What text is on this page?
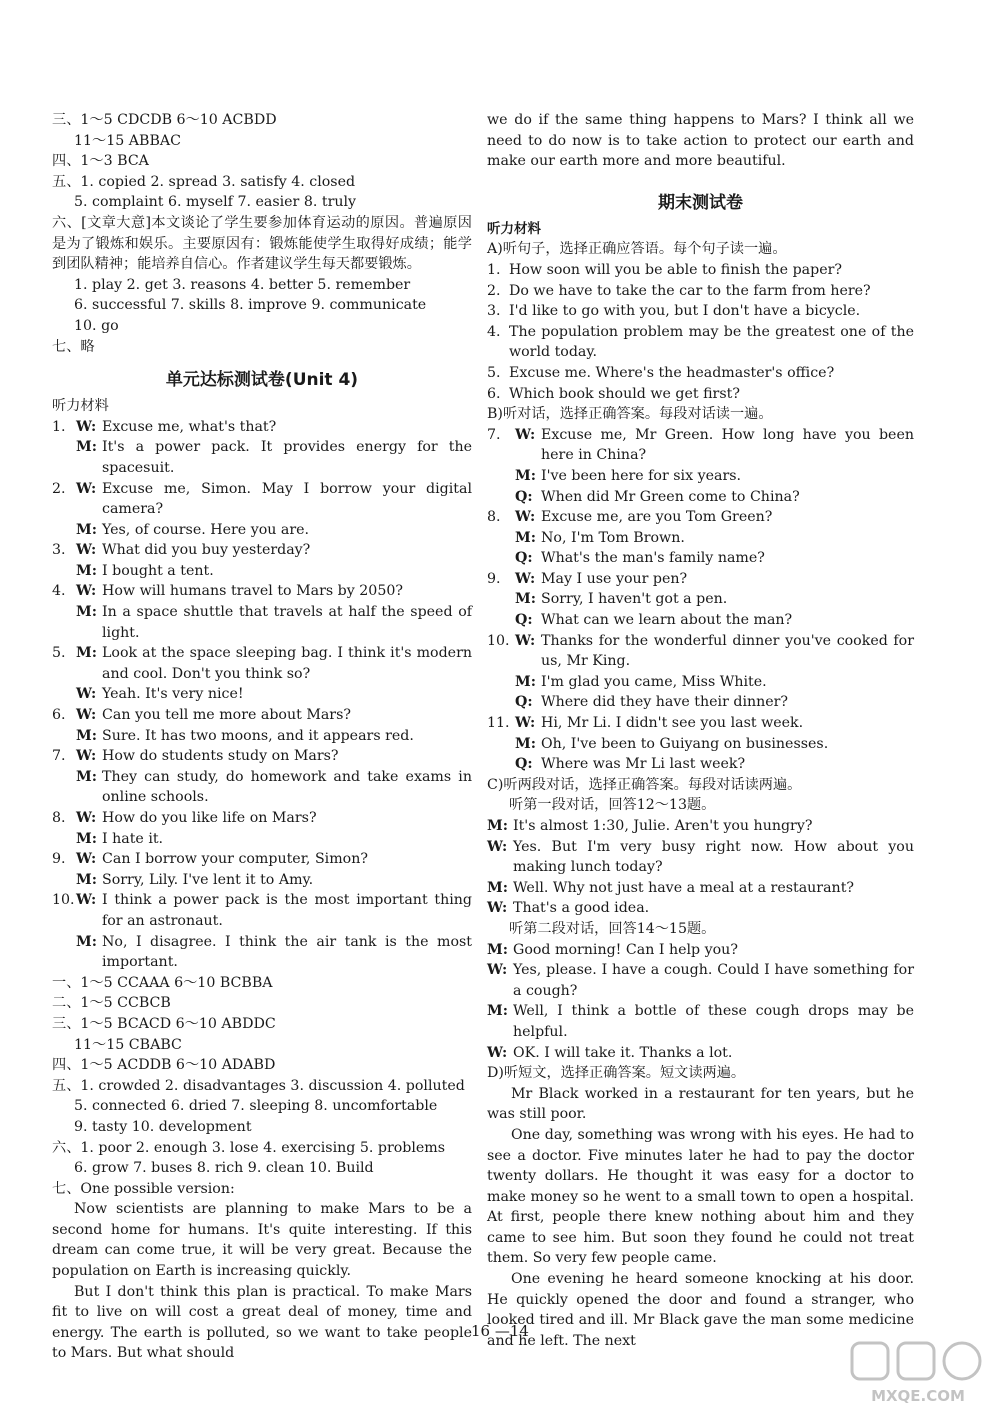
三、1～5 CDCDB 6～10 ACBDD
11～15 ABBAC
四、1～3 BCA
五、1. copied 2. spread 3. satisfy 4. closed
5. complaint 6. myself 7. easier 8. truly
六、[文章大意]本文谈论了学生要参加体育运动的原因。普遍原因是为了锻炼和娱乐。主要原因有：锻炼能使学生取得好成绩；能学到团队精神；能培养自信心。作者建议学生每天都要锻炼。
1. play 2. get 3. reasons 4. better 5. remember
6. successful 7. skills 8. improve 9. communicate
10. go
七、略
单元达标测试卷(Unit 4)
听力材料
1. W: Excuse me, what's that?
M: It's a power pack. It provides energy for the spacesuit.
2. W: Excuse me, Simon. May I borrow your digital camera?
M: Yes, of course. Here you are.
3. W: What did you buy yesterday?
M: I bought a tent.
4. W: How will humans travel to Mars by 2050?
M: In a space shuttle that travels at half the speed of light.
5. M: Look at the space sleeping bag. I think it's modern and cool. Don't you think so?
W: Yeah. It's very nice!
6. W: Can you tell me more about Mars?
M: Sure. It has two moons, and it appears red.
7. W: How do students study on Mars?
M: They can study, do homework and take exams in online schools.
8. W: How do you like life on Mars?
M: I hate it.
9. W: Can I borrow your computer, Simon?
M: Sorry, Lily. I've lent it to Amy.
10. W: I think a power pack is the most important thing for an astronaut.
M: No, I disagree. I think the air tank is the most important.
一、1～5 CCAAA 6～10 BCBBA
二、1～5 CCBCB
三、1～5 BCACD 6～10 ABDDC
11～15 CBABC
四、1～5 ACDDB 6～10 ADABD
五、1. crowded 2. disadvantages 3. discussion 4. polluted
5. connected 6. dried 7. sleeping 8. uncomfortable
9. tasty 10. development
六、1. poor 2. enough 3. lose 4. exercising 5. problems
6. grow 7. buses 8. rich 9. clean 10. Build
七、One possible version:
Now scientists are planning to make Mars to be a second home for humans. It's quite interesting. If this dream can come true, it will be very great. Because the population on Earth is increasing quickly.
But I don't think this plan is practical. To make Mars fit to live on will cost a great deal of money, time and energy. The earth is polluted, so we want to take people to Mars. But what should
we do if the same thing happens to Mars? I think all we need to do now is to take action to protect our earth and make our earth more and more beautiful.
期末测试卷
听力材料
A)听句子，选择正确应答语。每个句子读一遍。
1. How soon will you be able to finish the paper?
2. Do we have to take the car to the farm from here?
3. I'd like to go with you, but I don't have a bicycle.
4. The population problem may be the greatest one of the world today.
5. Excuse me. Where's the headmaster's office?
6. Which book should we get first?
B)听对话，选择正确答案。每段对话读一遍。
7.	W: Excuse me, Mr Green. How long have you been here in China?
M: I've been here for six years.
Q: When did Mr Green come to China?
8.	W: Excuse me, are you Tom Green?
M: No, I'm Tom Brown.
Q: What's the man's family name?
9.	W: May I use your pen?
M: Sorry, I haven't got a pen.
Q: What can we learn about the man?
10. W: Thanks for the wonderful dinner you've cooked for us, Mr King.
M: I'm glad you came, Miss White.
Q: Where did they have their dinner?
11. W: Hi, Mr Li. I didn't see you last week.
M: Oh, I've been to Guiyang on businesses.
Q: Where was Mr Li last week?
C)听两段对话，选择正确答案。每段对话读两遍。
听第一段对话，回答12～13题。
M: It's almost 1:30, Julie. Aren't you hungry?
W: Yes. But I'm very busy right now. How about you making lunch today?
M: Well. Why not just have a meal at a restaurant?
W: That's a good idea.
听第二段对话，回答14～15题。
M: Good morning! Can I help you?
W: Yes, please. I have a cough. Could I have something for a cough?
M: Well, I think a bottle of these cough drops may be helpful.
W: OK. I will take it. Thanks a lot.
D)听短文，选择正确答案。短文读两遍。
Mr Black worked in a restaurant for ten years, but he was still poor.
One day, something was wrong with his eyes. He had to see a doctor. Five minutes later he had to pay the doctor twenty dollars. He thought it was easy for a doctor to make money so he went to a small town to open a hospital. At first, people there knew nothing about him and they came to see him. But soon they found he could not treat them. So very few people came.
One evening he heard someone knocking at his door. He quickly opened the door and found a stranger, who looked tired and ill. Mr Black gave the man some medicine and he left. The next
16 —14
MXQE.COM
